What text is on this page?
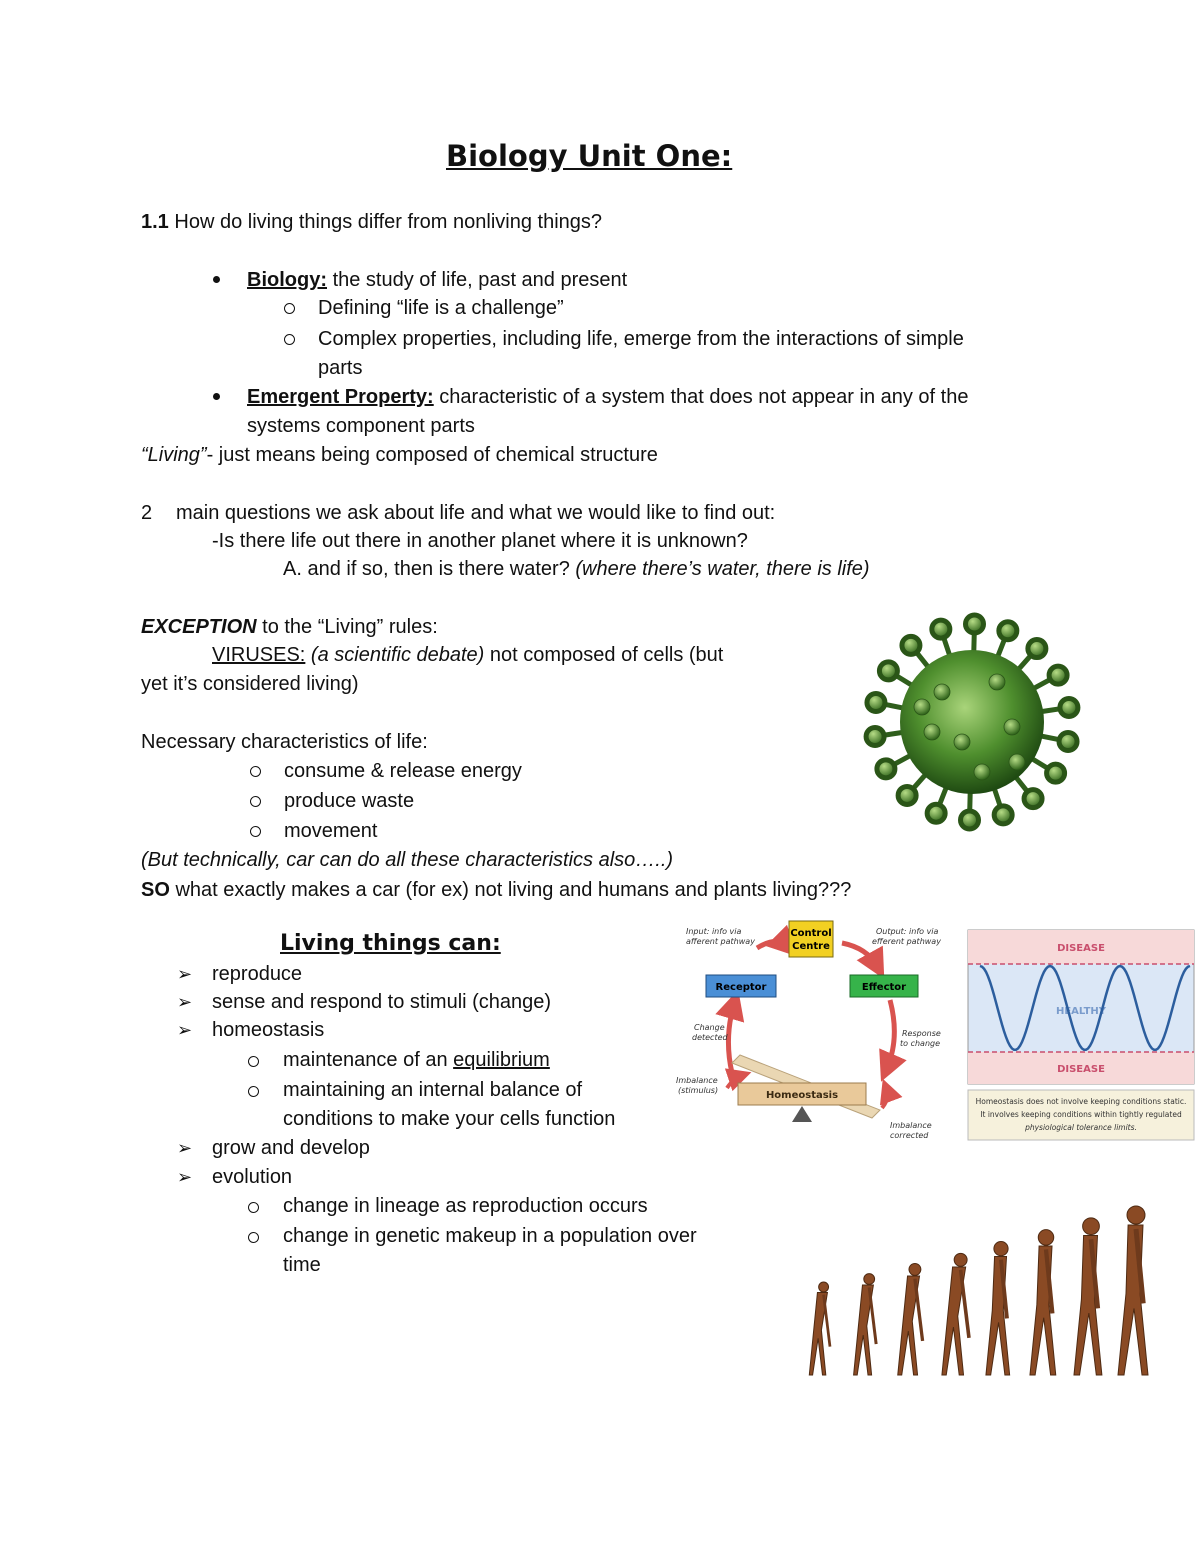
Biology Unit One:
1.1 How do living things differ from nonliving things?
Biology: the study of life, past and present
Defining “life is a challenge”
Complex properties, including life, emerge from the interactions of simple
parts
Emergent Property: characteristic of a system that does not appear in any of the
systems component parts
“Living”- just means being composed of chemical structure
2 main questions we ask about life and what we would like to find out:
-Is there life out there in another planet where it is unknown?
A. and if so, then is there water? (where there’s water, there is life)
EXCEPTION to the “Living” rules:
VIRUSES: (a scientific debate) not composed of cells (but
yet it’s considered living)
Necessary characteristics of life:
consume & release energy
produce waste
movement
(But technically, car can do all these characteristics also…..)
SO what exactly makes a car (for ex) not living and humans and plants living???
Living things can:
➢ reproduce
➢ sense and respond to stimuli (change)
➢ homeostasis
maintenance of an equilibrium
maintaining an internal balance of
conditions to make your cells function
➢ grow and develop
➢ evolution
change in lineage as reproduction occurs
change in genetic makeup in a population over
time
Control
Centre
Receptor	Effector
Homeostasis
Input: info via
afferent pathway
Output: info via
efferent pathway
Change
detected	Response
to change
Imbalance
(stimulus)
Imbalance
corrected
DISEASE
HEALTHY
DISEASE
Homeostasis does not involve keeping conditions static.
It involves keeping conditions within tightly regulated
physiological tolerance limits.
